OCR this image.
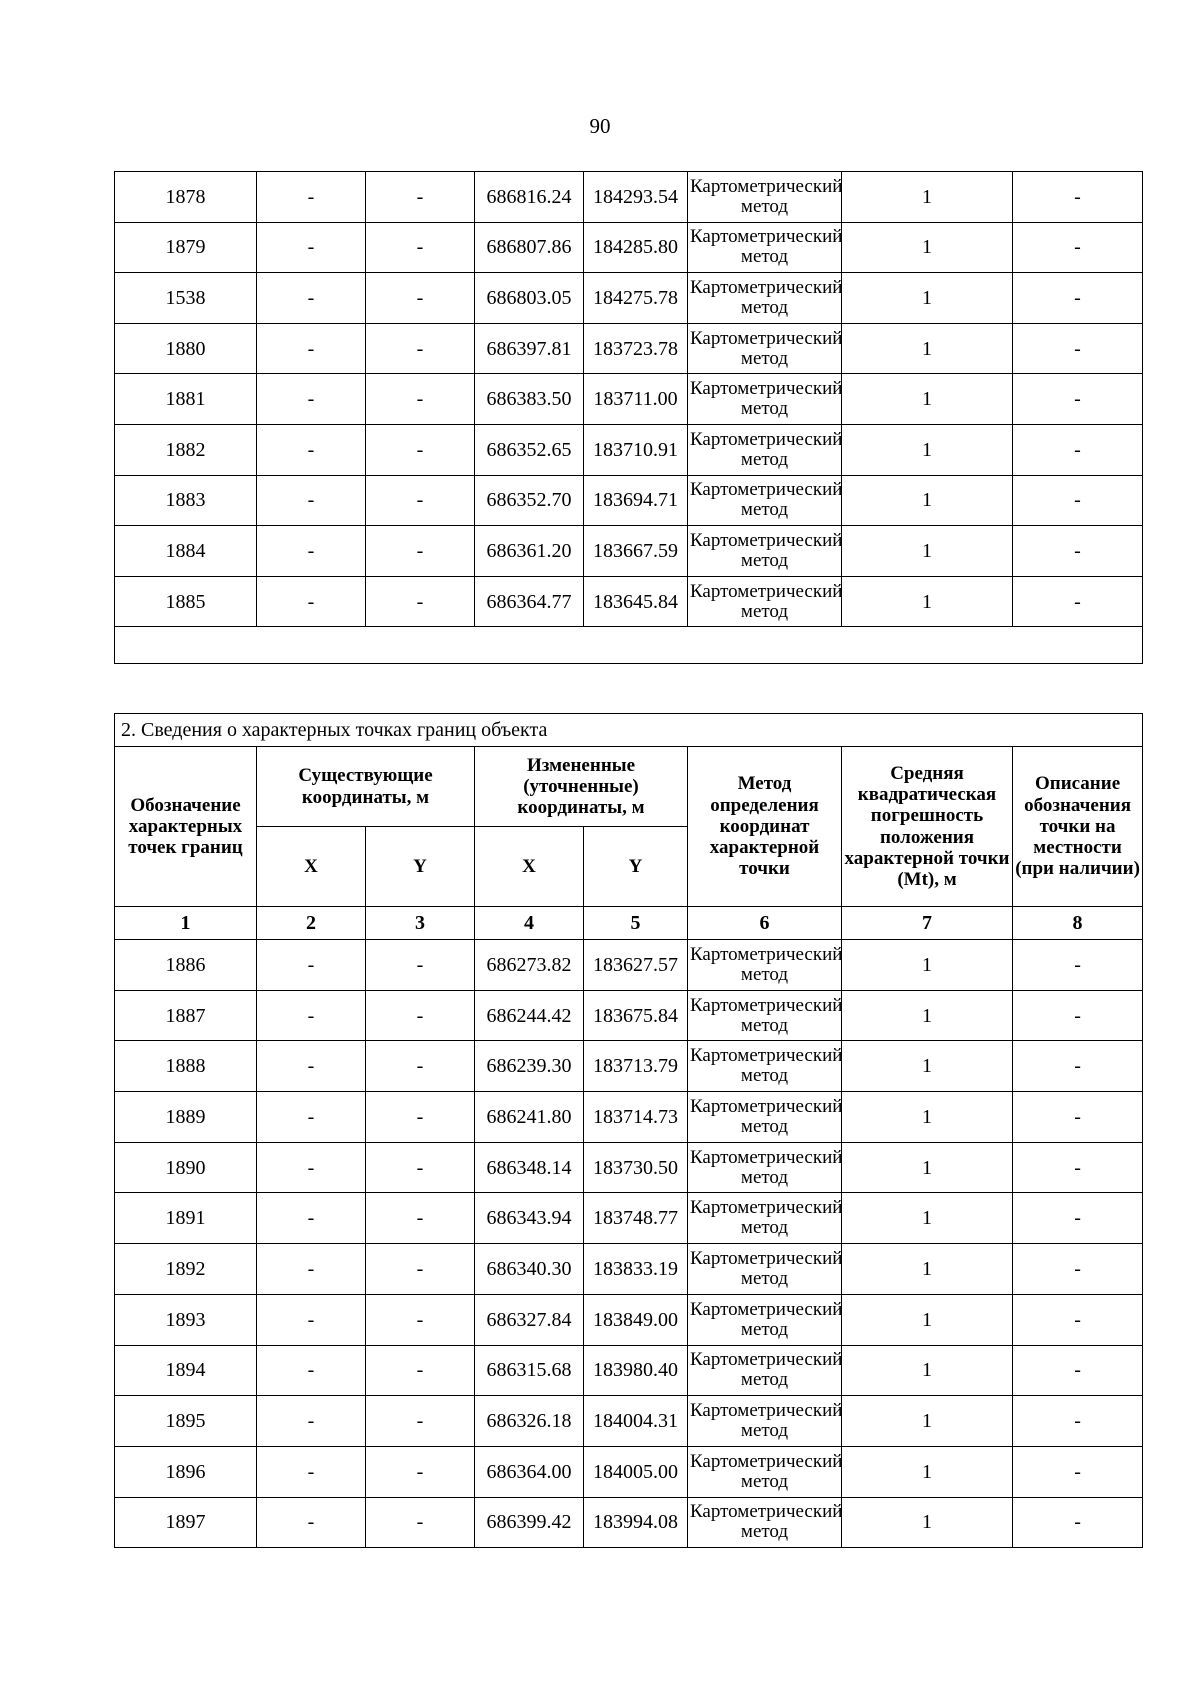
90
1878	-	-	686816.24	184293.54	Картометрический метод	1	-
1879	-	-	686807.86	184285.80	Картометрический метод	1	-
1538	-	-	686803.05	184275.78	Картометрический метод	1	-
1880	-	-	686397.81	183723.78	Картометрический метод	1	-
1881	-	-	686383.50	183711.00	Картометрический метод	1	-
1882	-	-	686352.65	183710.91	Картометрический метод	1	-
1883	-	-	686352.70	183694.71	Картометрический метод	1	-
1884	-	-	686361.20	183667.59	Картометрический метод	1	-
1885	-	-	686364.77	183645.84	Картометрический метод	1	-

2. Сведения о характерных точках границ объекта							
Обозначение характерных точек границ	Существующие координаты, м		Измененные (уточненные) координаты, м		Метод определения координат характерной точки	Средняя квадратическая погрешность положения характерной точки (Mt), м	Описание обозначения точки на местности (при наличии)
	X	Y	X	Y			
1	2	3	4	5	6	7	8
1886	-	-	686273.82	183627.57	Картометрический метод	1	-
1887	-	-	686244.42	183675.84	Картометрический метод	1	-
1888	-	-	686239.30	183713.79	Картометрический метод	1	-
1889	-	-	686241.80	183714.73	Картометрический метод	1	-
1890	-	-	686348.14	183730.50	Картометрический метод	1	-
1891	-	-	686343.94	183748.77	Картометрический метод	1	-
1892	-	-	686340.30	183833.19	Картометрический метод	1	-
1893	-	-	686327.84	183849.00	Картометрический метод	1	-
1894	-	-	686315.68	183980.40	Картометрический метод	1	-
1895	-	-	686326.18	184004.31	Картометрический метод	1	-
1896	-	-	686364.00	184005.00	Картометрический метод	1	-
1897	-	-	686399.42	183994.08	Картометрический метод	1	-
